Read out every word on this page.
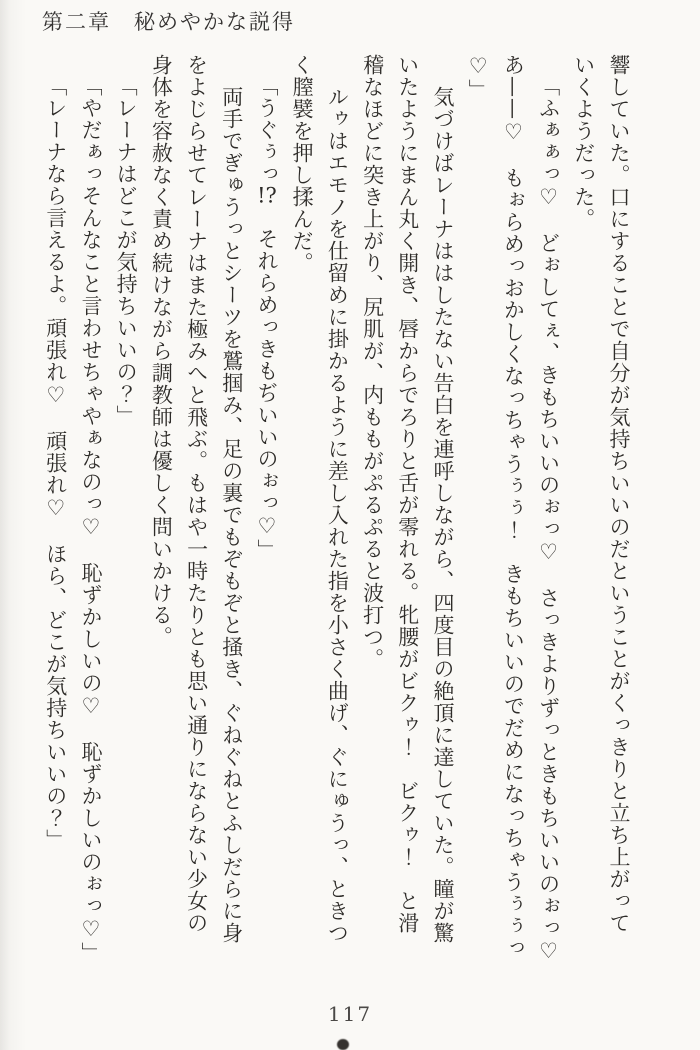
第二章　秘めやかな説得

響していた。口にすることで自分が気持ちいいのだということがくっきりと立ち上がって

いくようだった。

「ふぁぁっ♡　どぉしてぇ、きもちいいのぉっ♡　さっきよりずっときもちいいのぉっ♡

あ——♡　もぉらめっおかしくなっちゃうぅぅ！　きもちいいのでだめになっちゃうぅぅっ

♡」

気づけばレーナははしたない告白を連呼しながら、四度目の絶頂に達していた。瞳が驚

いたようにまん丸く開き、唇からでろりと舌が零れる。牝腰がビクゥ！　ビクゥ！　と滑

稽なほどに突き上がり、尻肌が、内ももがぷるぷると波打つ。

ルゥはエモノを仕留めに掛かるように差し入れた指を小さく曲げ、ぐにゅうっ、ときつ

く膣襞を押し揉んだ。

「うぐぅっ!?　それらめっきもぢいいのぉっ♡」

両手でぎゅうっとシーツを鷲掴み、足の裏でもぞもぞと掻き、ぐねぐねとふしだらに身

をよじらせてレーナはまた極みへと飛ぶ。もはや一時たりとも思い通りにならない少女の

身体を容赦なく責め続けながら調教師は優しく問いかける。

「レーナはどこが気持ちいいの？」

「やだぁっそんなこと言わせちゃやぁなのっ♡　恥ずかしいの♡　恥ずかしいのぉっ♡」

「レーナなら言えるよ。頑張れ♡　頑張れ♡　ほら、どこが気持ちいいの？」

117
